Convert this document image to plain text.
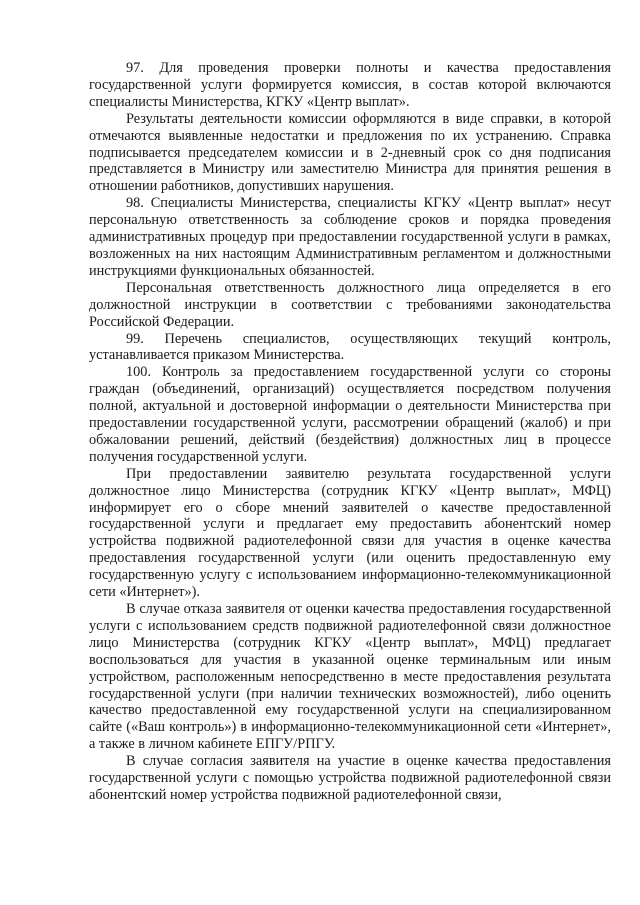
97. Для проведения проверки полноты и качества предоставления государственной услуги формируется комиссия, в состав которой включаются специалисты Министерства, КГКУ «Центр выплат».

Результаты деятельности комиссии оформляются в виде справки, в которой отмечаются выявленные недостатки и предложения по их устранению. Справка подписывается председателем комиссии и в 2-дневный срок со дня подписания представляется в Министру или заместителю Министра для принятия решения в отношении работников, допустивших нарушения.

98. Специалисты Министерства, специалисты КГКУ «Центр выплат» несут персональную ответственность за соблюдение сроков и порядка проведения административных процедур при предоставлении государственной услуги в рамках, возложенных на них настоящим Административным регламентом и должностными инструкциями функциональных обязанностей.

Персональная ответственность должностного лица определяется в его должностной инструкции в соответствии с требованиями законодательства Российской Федерации.

99. Перечень специалистов, осуществляющих текущий контроль, устанавливается приказом Министерства.

100. Контроль за предоставлением государственной услуги со стороны граждан (объединений, организаций) осуществляется посредством получения полной, актуальной и достоверной информации о деятельности Министерства при предоставлении государственной услуги, рассмотрении обращений (жалоб) и при обжаловании решений, действий (бездействия) должностных лиц в процессе получения государственной услуги.

При предоставлении заявителю результата государственной услуги должностное лицо Министерства (сотрудник КГКУ «Центр выплат», МФЦ) информирует его о сборе мнений заявителей о качестве предоставленной государственной услуги и предлагает ему предоставить абонентский номер устройства подвижной радиотелефонной связи для участия в оценке качества предоставления государственной услуги (или оценить предоставленную ему государственную услугу с использованием информационно-телекоммуникационной сети «Интернет»).

В случае отказа заявителя от оценки качества предоставления государственной услуги с использованием средств подвижной радиотелефонной связи должностное лицо Министерства (сотрудник КГКУ «Центр выплат», МФЦ) предлагает воспользоваться для участия в указанной оценке терминальным или иным устройством, расположенным непосредственно в месте предоставления результата государственной услуги (при наличии технических возможностей), либо оценить качество предоставленной ему государственной услуги на специализированном сайте («Ваш контроль») в информационно-телекоммуникационной сети «Интернет», а также в личном кабинете ЕПГУ/РПГУ.

В случае согласия заявителя на участие в оценке качества предоставления государственной услуги с помощью устройства подвижной радиотелефонной связи абонентский номер устройства подвижной радиотелефонной связи,
